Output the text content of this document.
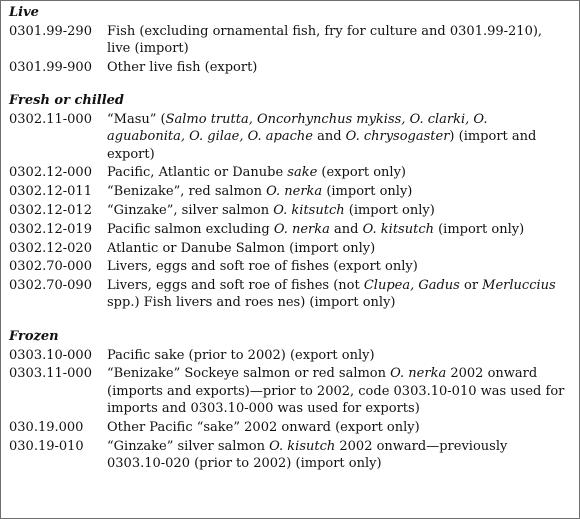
Live
0301.99-290	Fish (excluding ornamental fish, fry for culture and 0301.99-210), live (import)
0301.99-900	Other live fish (export)
Fresh or chilled
0302.11-000	“Masu” (Salmo trutta, Oncorhynchus mykiss, O. clarki, O. aguabonita, O. gilae, O. apache and O. chrysogaster) (import and export)
0302.12-000	Pacific, Atlantic or Danube sake (export only)
0302.12-011	“Benizake”, red salmon O. nerka (import only)
0302.12-012	“Ginzake”, silver salmon O. kitsutch (import only)
0302.12-019	Pacific salmon excluding O. nerka and O. kitsutch (import only)
0302.12-020	Atlantic or Danube Salmon (import only)
0302.70-000	Livers, eggs and soft roe of fishes (export only)
0302.70-090	Livers, eggs and soft roe of fishes (not Clupea, Gadus or Merluccius spp.) Fish livers and roes nes) (import only)
Frozen
0303.10-000	Pacific sake (prior to 2002) (export only)
0303.11-000	“Benizake” Sockeye salmon or red salmon O. nerka 2002 onward (imports and exports)—prior to 2002, code 0303.10-010 was used for imports and 0303.10-000 was used for exports)
030.19.000	Other Pacific “sake” 2002 onward (export only)
030.19-010	“Ginzake” silver salmon O. kisutch 2002 onward—previously 0303.10-020 (prior to 2002) (import only)
